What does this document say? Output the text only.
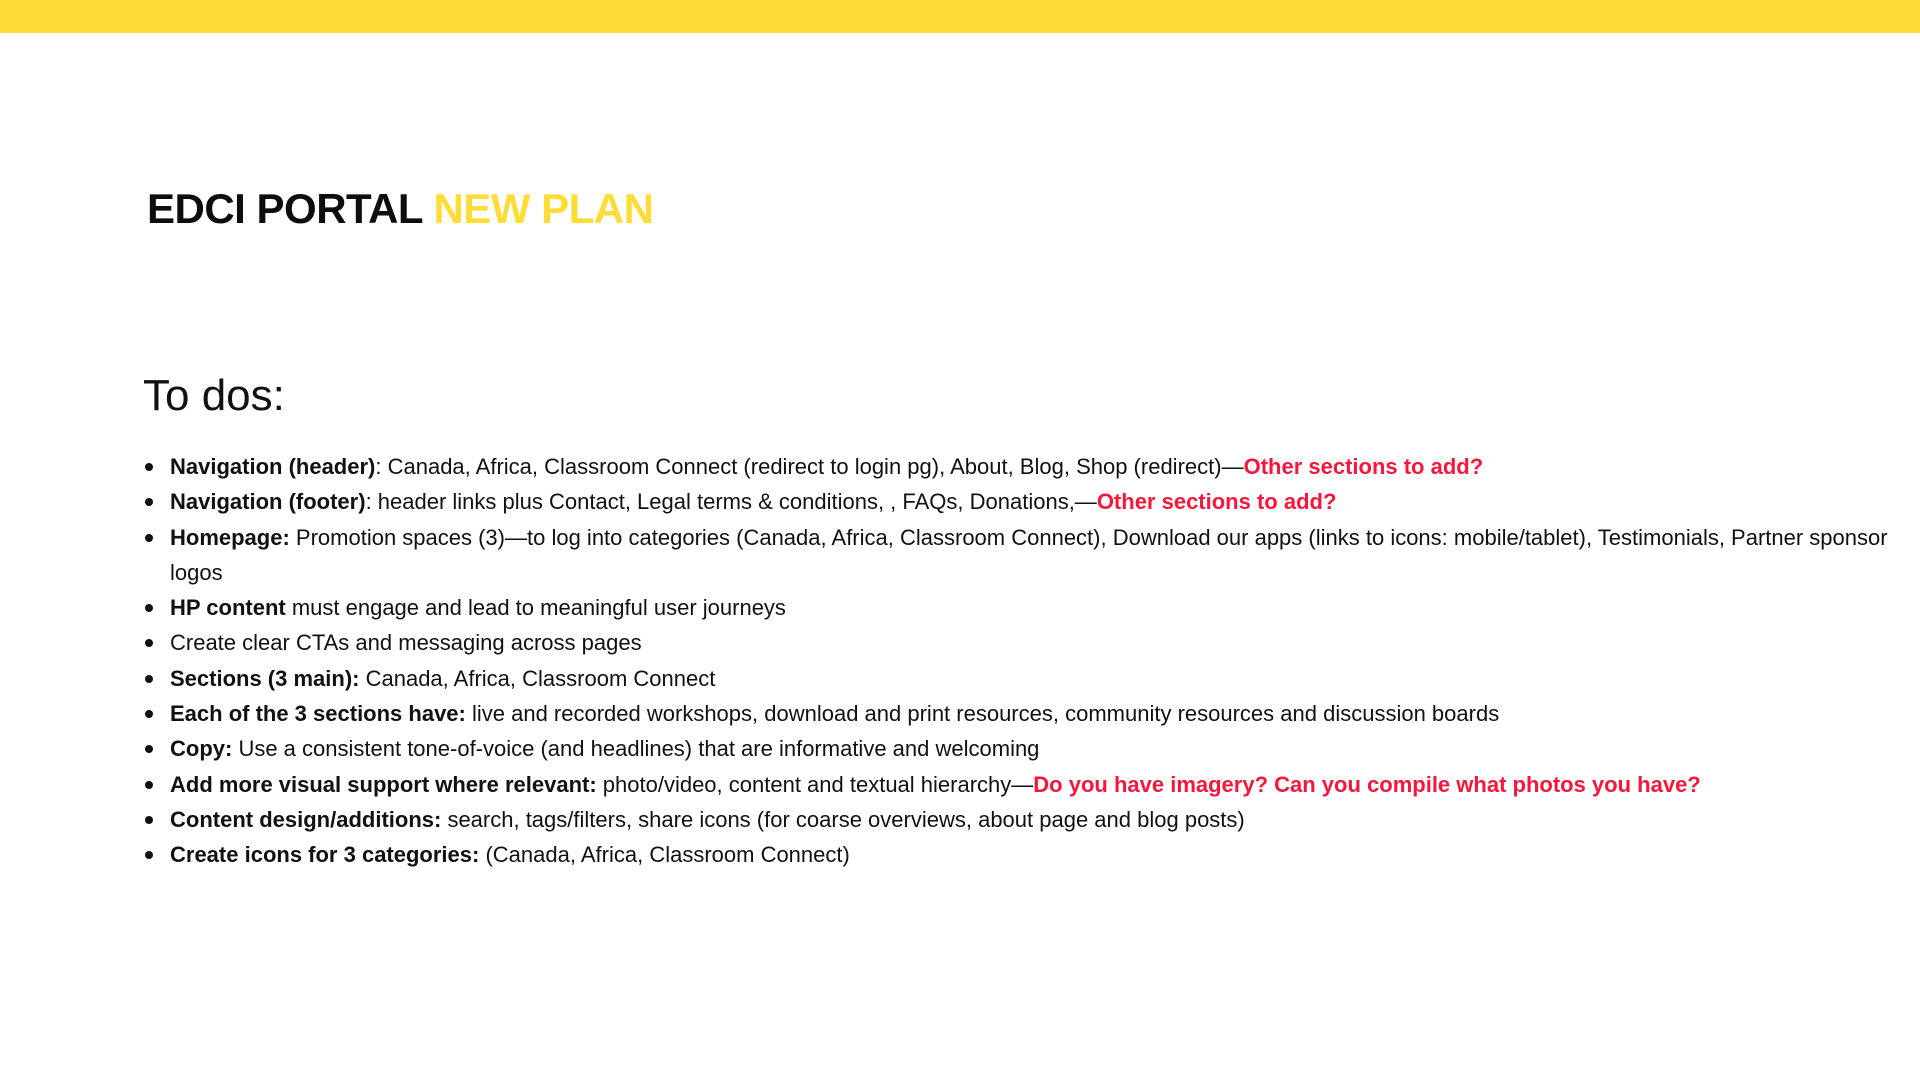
EDCI PORTAL NEW PLAN
To dos:
Navigation (header): Canada, Africa, Classroom Connect (redirect to login pg), About, Blog, Shop (redirect)—Other sections to add?
Navigation (footer): header links plus Contact, Legal terms & conditions, , FAQs, Donations,—Other sections to add?
Homepage: Promotion spaces (3)—to log into categories (Canada, Africa, Classroom Connect), Download our apps (links to icons: mobile/tablet), Testimonials, Partner sponsor logos
HP content must engage and lead to meaningful user journeys
Create clear CTAs and messaging across pages
Sections (3 main): Canada, Africa, Classroom Connect
Each of the 3 sections have: live and recorded workshops, download and print resources, community resources and discussion boards
Copy: Use a consistent tone-of-voice (and headlines) that are informative and welcoming
Add more visual support where relevant: photo/video, content and textual hierarchy—Do you have imagery? Can you compile what photos you have?
Content design/additions: search, tags/filters, share icons (for coarse overviews, about page and blog posts)
Create icons for 3 categories: (Canada, Africa, Classroom Connect)
